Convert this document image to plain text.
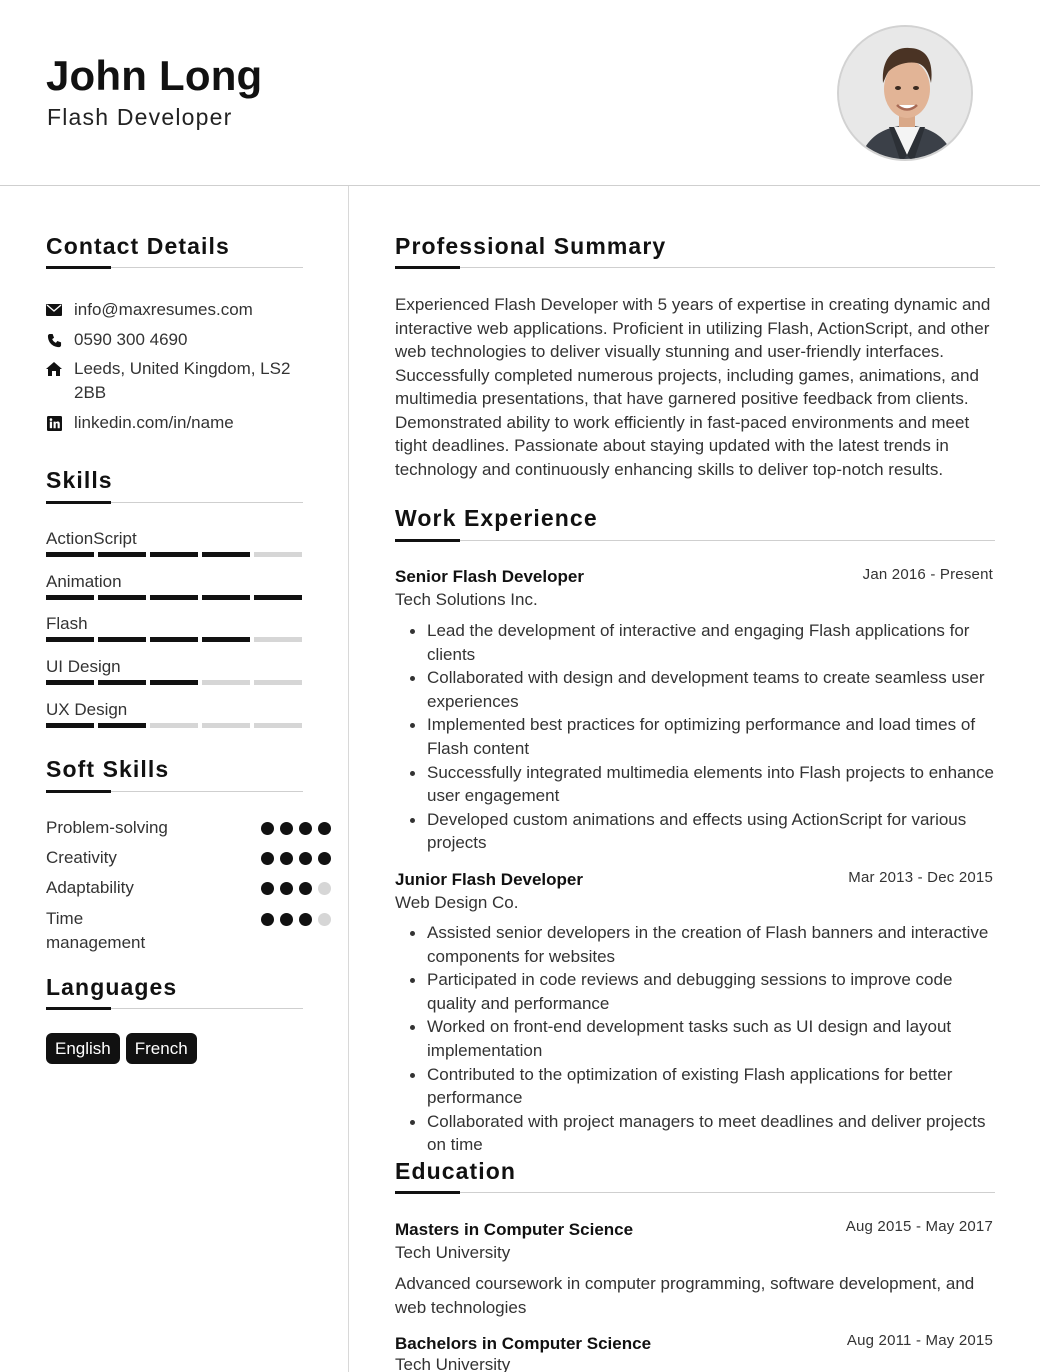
John Long
Flash Developer
Contact Details
info@maxresumes.com
0590 300 4690
Leeds, United Kingdom, LS2 2BB
linkedin.com/in/name
Skills
ActionScript
Animation
Flash
UI Design
UX Design
Soft Skills
Problem-solving
Creativity
Adaptability
Time management
Languages
English	French
Professional Summary
Experienced Flash Developer with 5 years of expertise in creating dynamic and interactive web applications. Proficient in utilizing Flash, ActionScript, and other web technologies to deliver visually stunning and user-friendly interfaces. Successfully completed numerous projects, including games, animations, and multimedia presentations, that have garnered positive feedback from clients. Demonstrated ability to work efficiently in fast-paced environments and meet tight deadlines. Passionate about staying updated with the latest trends in technology and continuously enhancing skills to deliver top-notch results.
Work Experience
Senior Flash Developer	Jan 2016 - Present
Tech Solutions Inc.
Lead the development of interactive and engaging Flash applications for clients
Collaborated with design and development teams to create seamless user experiences
Implemented best practices for optimizing performance and load times of Flash content
Successfully integrated multimedia elements into Flash projects to enhance user engagement
Developed custom animations and effects using ActionScript for various projects
Junior Flash Developer	Mar 2013 - Dec 2015
Web Design Co.
Assisted senior developers in the creation of Flash banners and interactive components for websites
Participated in code reviews and debugging sessions to improve code quality and performance
Worked on front-end development tasks such as UI design and layout implementation
Contributed to the optimization of existing Flash applications for better performance
Collaborated with project managers to meet deadlines and deliver projects on time
Education
Masters in Computer Science	Aug 2015 - May 2017
Tech University
Advanced coursework in computer programming, software development, and web technologies
Bachelors in Computer Science	Aug 2011 - May 2015
Tech University
